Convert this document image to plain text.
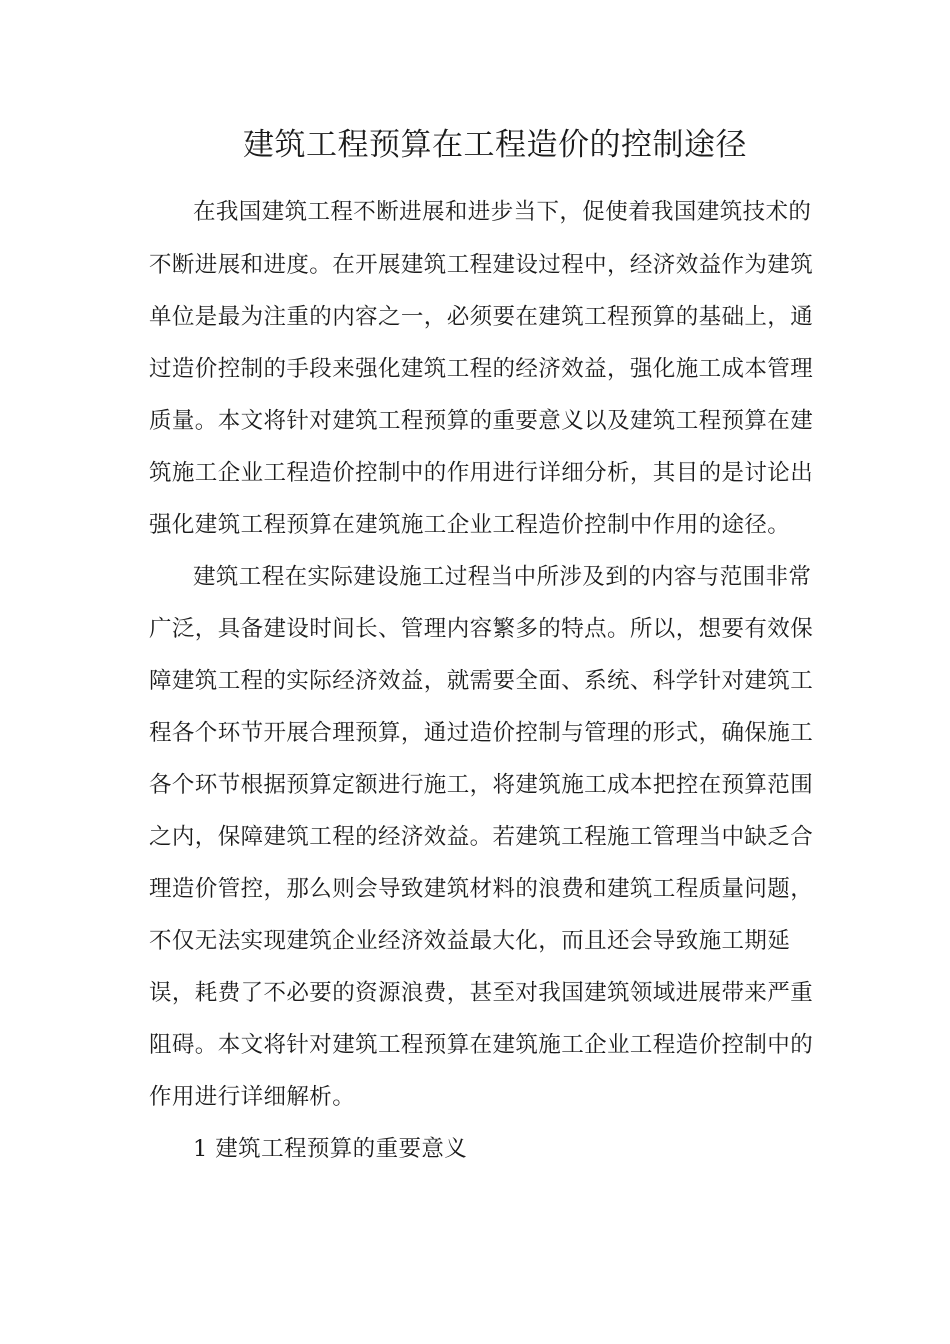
建筑工程预算在工程造价的控制途径

在我国建筑工程不断进展和进步当下，促使着我国建筑技术的

不断进展和进度。在开展建筑工程建设过程中，经济效益作为建筑

单位是最为注重的内容之一，必须要在建筑工程预算的基础上，通

过造价控制的手段来强化建筑工程的经济效益，强化施工成本管理

质量。本文将针对建筑工程预算的重要意义以及建筑工程预算在建

筑施工企业工程造价控制中的作用进行详细分析，其目的是讨论出

强化建筑工程预算在建筑施工企业工程造价控制中作用的途径。

建筑工程在实际建设施工过程当中所涉及到的内容与范围非常

广泛，具备建设时间长、管理内容繁多的特点。所以，想要有效保

障建筑工程的实际经济效益，就需要全面、系统、科学针对建筑工

程各个环节开展合理预算，通过造价控制与管理的形式，确保施工

各个环节根据预算定额进行施工，将建筑施工成本把控在预算范围

之内，保障建筑工程的经济效益。若建筑工程施工管理当中缺乏合

理造价管控，那么则会导致建筑材料的浪费和建筑工程质量问题，

不仅无法实现建筑企业经济效益最大化，而且还会导致施工期延

误，耗费了不必要的资源浪费，甚至对我国建筑领域进展带来严重

阻碍。本文将针对建筑工程预算在建筑施工企业工程造价控制中的

作用进行详细解析。

1 建筑工程预算的重要意义
